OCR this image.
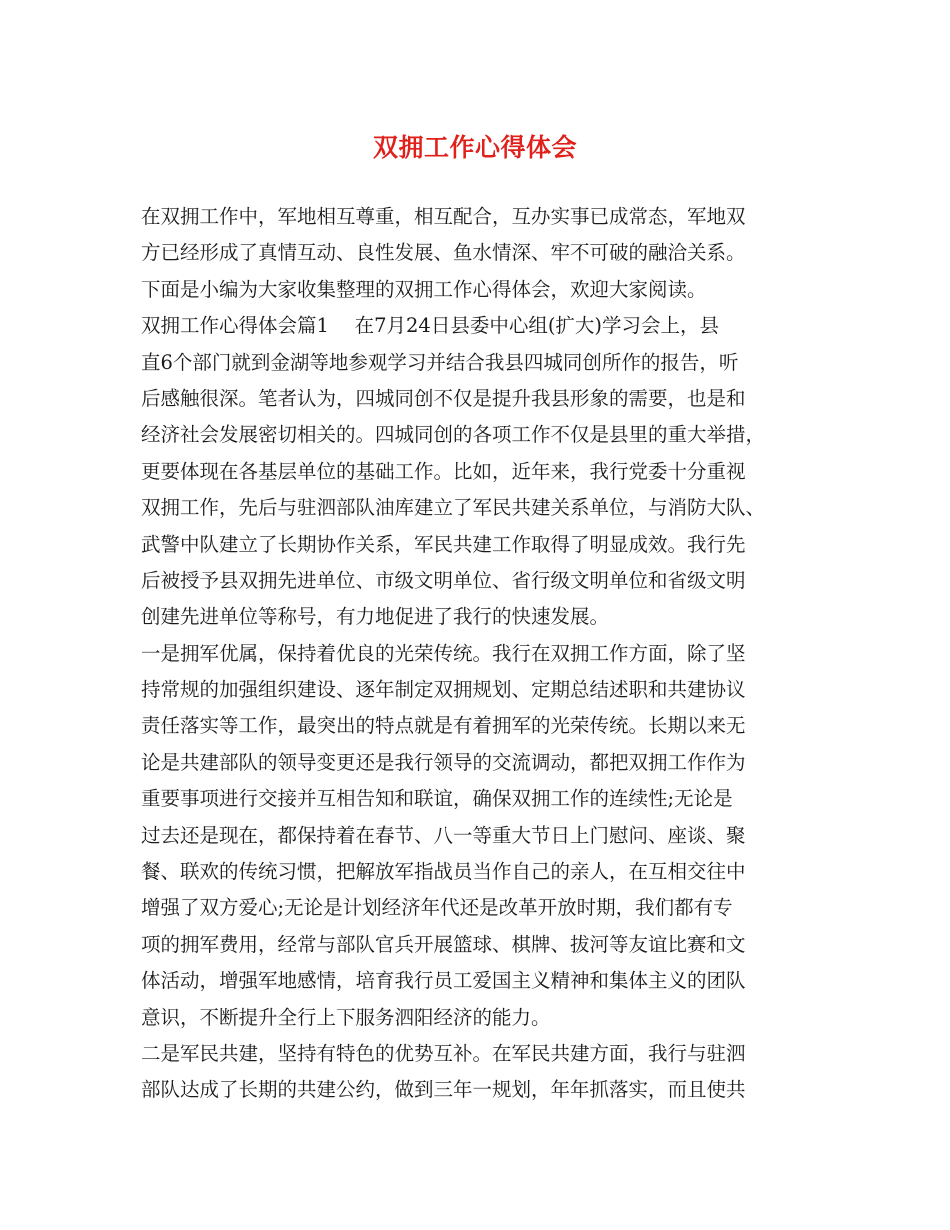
双拥工作心得体会
在双拥工作中，军地相互尊重，相互配合，互办实事已成常态，军地双
方已经形成了真情互动、良性发展、鱼水情深、牢不可破的融洽关系。
下面是小编为大家收集整理的双拥工作心得体会，欢迎大家阅读。
双拥工作心得体会篇1　 在7月24日县委中心组(扩大)学习会上，县
直6个部门就到金湖等地参观学习并结合我县四城同创所作的报告，听
后感触很深。笔者认为，四城同创不仅是提升我县形象的需要，也是和
经济社会发展密切相关的。四城同创的各项工作不仅是县里的重大举措，
更要体现在各基层单位的基础工作。比如，近年来，我行党委十分重视
双拥工作，先后与驻泗部队油库建立了军民共建关系单位，与消防大队、
武警中队建立了长期协作关系，军民共建工作取得了明显成效。我行先
后被授予县双拥先进单位、市级文明单位、省行级文明单位和省级文明
创建先进单位等称号，有力地促进了我行的快速发展。
一是拥军优属，保持着优良的光荣传统。我行在双拥工作方面，除了坚
持常规的加强组织建设、逐年制定双拥规划、定期总结述职和共建协议
责任落实等工作，最突出的特点就是有着拥军的光荣传统。长期以来无
论是共建部队的领导变更还是我行领导的交流调动，都把双拥工作作为
重要事项进行交接并互相告知和联谊，确保双拥工作的连续性;无论是
过去还是现在，都保持着在春节、八一等重大节日上门慰问、座谈、聚
餐、联欢的传统习惯，把解放军指战员当作自己的亲人，在互相交往中
增强了双方爱心;无论是计划经济年代还是改革开放时期，我们都有专
项的拥军费用，经常与部队官兵开展篮球、棋牌、拔河等友谊比赛和文
体活动，增强军地感情，培育我行员工爱国主义精神和集体主义的团队
意识，不断提升全行上下服务泗阳经济的能力。
二是军民共建，坚持有特色的优势互补。在军民共建方面，我行与驻泗
部队达成了长期的共建公约，做到三年一规划，年年抓落实，而且使共
